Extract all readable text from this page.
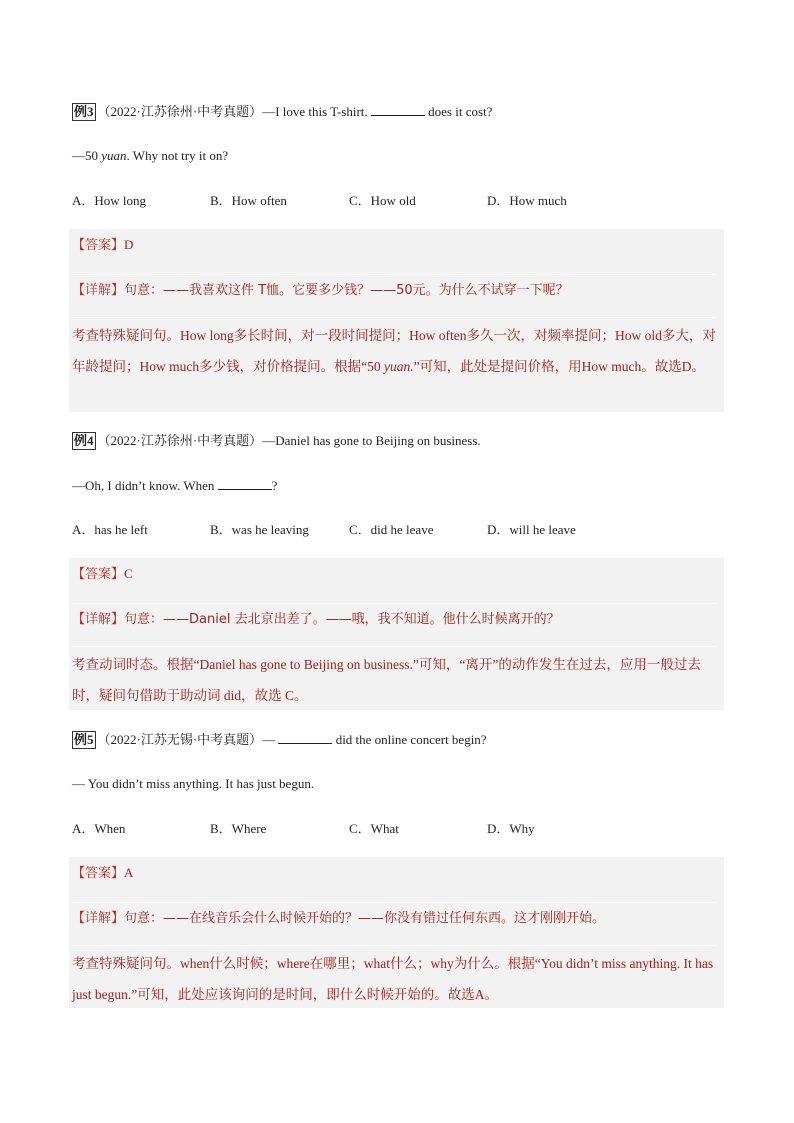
例3 （2022·江苏徐州·中考真题）—I love this T-shirt.	does it cost?
—50 yuan. Why not try it on?
A．How long	B．How often	C．How old	D．How much
【答案】D
【详解】句意：——我喜欢这件 T恤。它要多少钱？——50元。为什么不试穿一下呢？
考查特殊疑问句。How long多长时间，对一段时间提问；How often多久一次，对频率提问；How old多大，对年龄提问；How much多少钱，对价格提问。根据“50 yuan.”可知，此处是提问价格，用How much。故选D。
例4 （2022·江苏徐州·中考真题）—Daniel has gone to Beijing on business.
—Oh, I didn’t know. When	?
A．has he left	B．was he leaving	C．did he leave	D．will he leave
【答案】C
【详解】句意：——Daniel 去北京出差了。——哦，我不知道。他什么时候离开的？
考查动词时态。根据“Daniel has gone to Beijing on business.”可知，“离开”的动作发生在过去，应用一般过去时，疑问句借助于助动词 did，故选 C。
例5 （2022·江苏无锡·中考真题）—	did the online concert begin?
— You didn’t miss anything. It has just begun.
A．When	B．Where	C．What	D．Why
【答案】A
【详解】句意：——在线音乐会什么时候开始的？——你没有错过任何东西。这才刚刚开始。
考查特殊疑问句。when什么时候；where在哪里；what什么；why为什么。根据“You didn’t miss anything. It has just begun.”可知，此处应该询问的是时间，即什么时候开始的。故选A。
